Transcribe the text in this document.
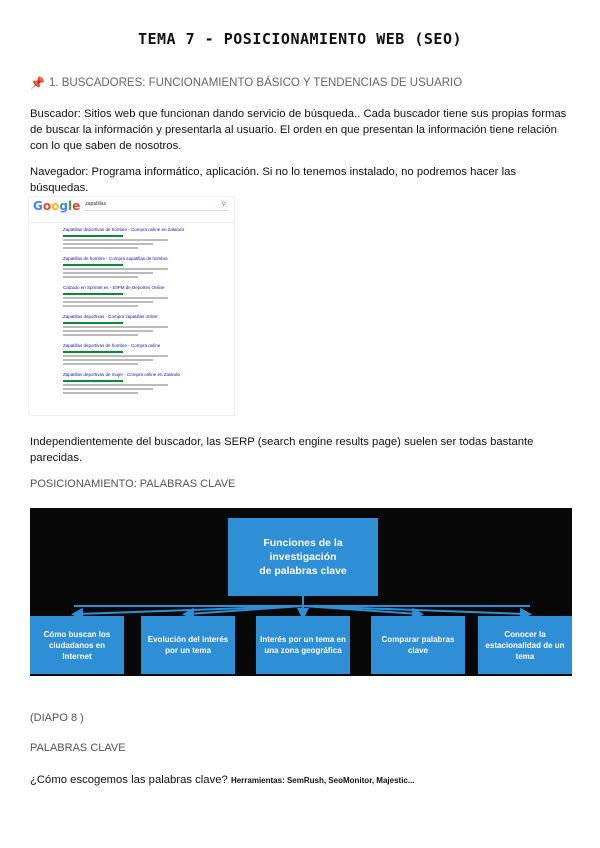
TEMA 7 - POSICIONAMIENTO WEB (SEO)
📌 1. BUSCADORES: FUNCIONAMIENTO BÁSICO Y TENDENCIAS DE USUARIO
Buscador: Sitios web que funcionan dando servicio de búsqueda.. Cada buscador tiene sus propias formas de buscar la información y presentarla al usuario. El orden en que presentan la información tiene relación con lo que saben de nosotros.
Navegador: Programa informático, aplicación. Si no lo tenemos instalado, no podremos hacer las búsquedas.
Google zapatillas	⚲
Zapatillas deportivas de hombre - Compra online en Zalando
Zapatillas de hombre - Compra zapatillas de hombre
Calzado en Sprinter.es - ElIPM de Deportes Online
Zapatillas deportivas - Compra zapatillas online
Zapatillas deportivas de hombre - Compra online
Zapatillas deportivas de mujer - Compra online en Zalando
Independientemente del buscador, las SERP (search engine results page) suelen ser todas bastante parecidas.
POSICIONAMIENTO: PALABRAS CLAVE
Funciones de la
investigación
de palabras clave
Cómo buscan los ciudadanos en Internet
Evolución del interés por un tema
Interés por un tema en una zona geográfica
Comparar palabras clave
Conocer la estacionalidad de un tema
(DIAPO 8 )
PALABRAS CLAVE
¿Cómo escogemos las palabras clave? Herramientas: SemRush, SeoMonitor, Majestic...
